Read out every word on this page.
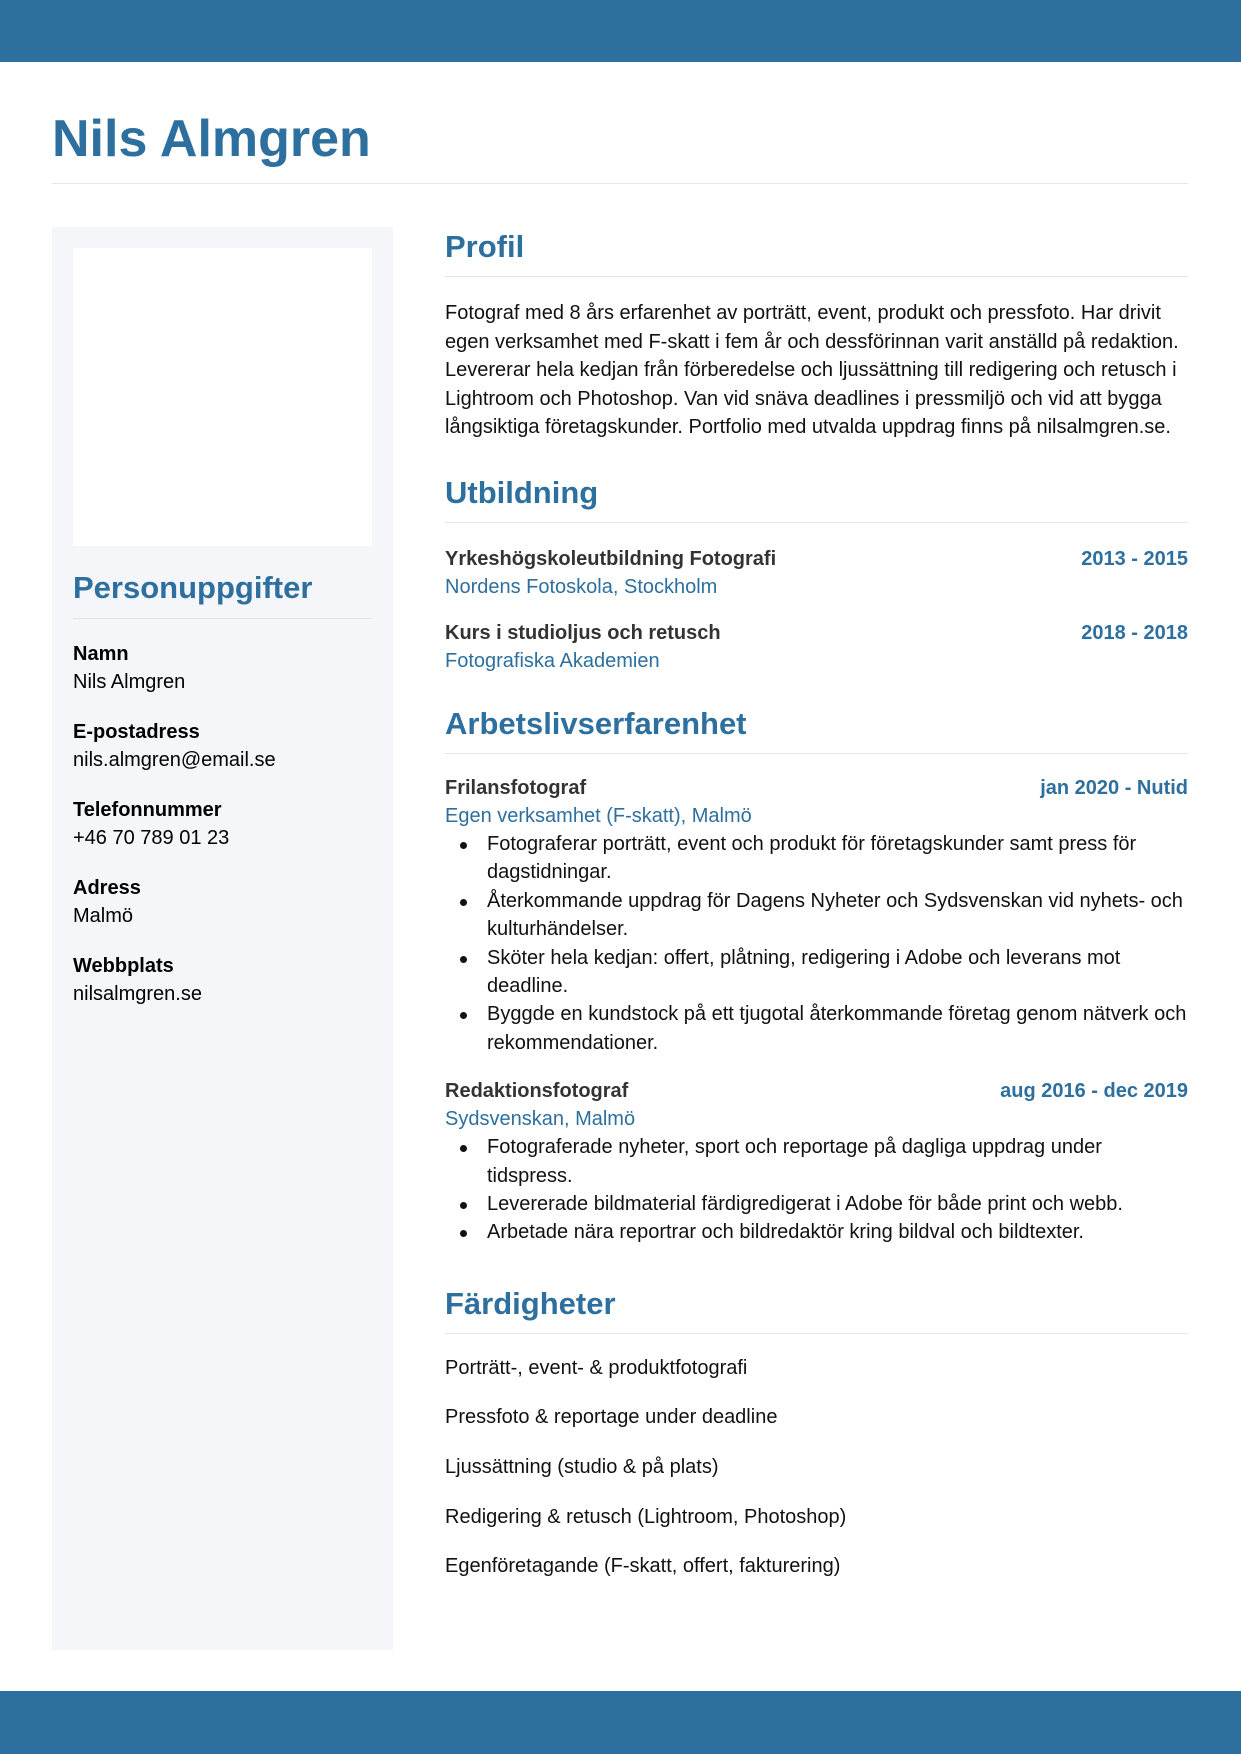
Nils Almgren
Personuppgifter
Namn
Nils Almgren
E-postadress
nils.almgren@email.se
Telefonnummer
+46 70 789 01 23
Adress
Malmö
Webbplats
nilsalmgren.se
Profil

Fotograf med 8 års erfarenhet av porträtt, event, produkt och pressfoto. Har drivit egen verksamhet med F-skatt i fem år och dessförinnan varit anställd på redaktion. Levererar hela kedjan från förberedelse och ljussättning till redigering och retusch i Lightroom och Photoshop. Van vid snäva deadlines i pressmiljö och vid att bygga långsiktiga företagskunder. Portfolio med utvalda uppdrag finns på nilsalmgren.se.

Utbildning
Yrkeshögskoleutbildning Fotografi	2013 - 2015
Nordens Fotoskola, Stockholm
Kurs i studioljus och retusch	2018 - 2018
Fotografiska Akademien
Arbetslivserfarenhet
Frilansfotograf	jan 2020 - Nutid
Egen verksamhet (F-skatt), Malmö
Fotograferar porträtt, event och produkt för företagskunder samt press för dagstidningar.
Återkommande uppdrag för Dagens Nyheter och Sydsvenskan vid nyhets- och kulturhändelser.
Sköter hela kedjan: offert, plåtning, redigering i Adobe och leverans mot deadline.
Byggde en kundstock på ett tjugotal återkommande företag genom nätverk och rekommendationer.
Redaktionsfotograf	aug 2016 - dec 2019
Sydsvenskan, Malmö
Fotograferade nyheter, sport och reportage på dagliga uppdrag under tidspress.
Levererade bildmaterial färdigredigerat i Adobe för både print och webb.
Arbetade nära reportrar och bildredaktör kring bildval och bildtexter.
Färdigheter
Porträtt-, event- & produktfotografi
Pressfoto & reportage under deadline
Ljussättning (studio & på plats)
Redigering & retusch (Lightroom, Photoshop)
Egenföretagande (F-skatt, offert, fakturering)
